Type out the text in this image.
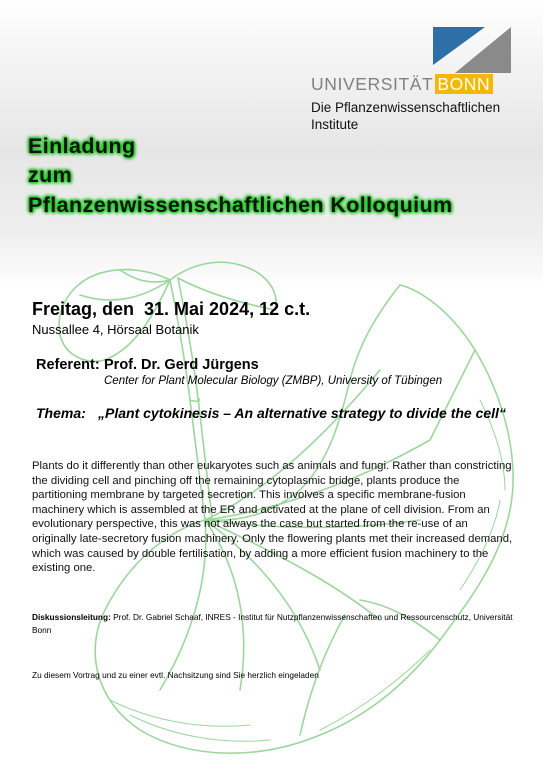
UNIVERSITÄT BONN
Die Pflanzenwissenschaftlichen
Institute
Einladung
zum
Pflanzenwissenschaftlichen Kolloquium
Freitag, den  31. Mai 2024, 12 c.t.
Nussallee 4, Hörsaal Botanik
Referent: Prof. Dr. Gerd Jürgens
Center for Plant Molecular Biology (ZMBP), University of Tübingen
Thema: „Plant cytokinesis – An alternative strategy to divide the cell“
Plants do it differently than other eukaryotes such as animals and fungi. Rather than constricting the dividing cell and pinching off the remaining cytoplasmic bridge, plants produce the partitioning membrane by targeted secretion. This involves a specific membrane-fusion machinery which is assembled at the ER and activated at the plane of cell division. From an evolutionary perspective, this was not always the case but started from the re-use of an originally late-secretory fusion machinery. Only the flowering plants met their increased demand, which was caused by double fertilisation, by adding a more efficient fusion machinery to the existing one.
Diskussionsleitung: Prof. Dr. Gabriel Schaaf, INRES - Institut für Nutzpflanzenwissenschaften und Ressourcenschutz, Universität Bonn
Zu diesem Vortrag und zu einer evtl. Nachsitzung sind Sie herzlich eingeladen
